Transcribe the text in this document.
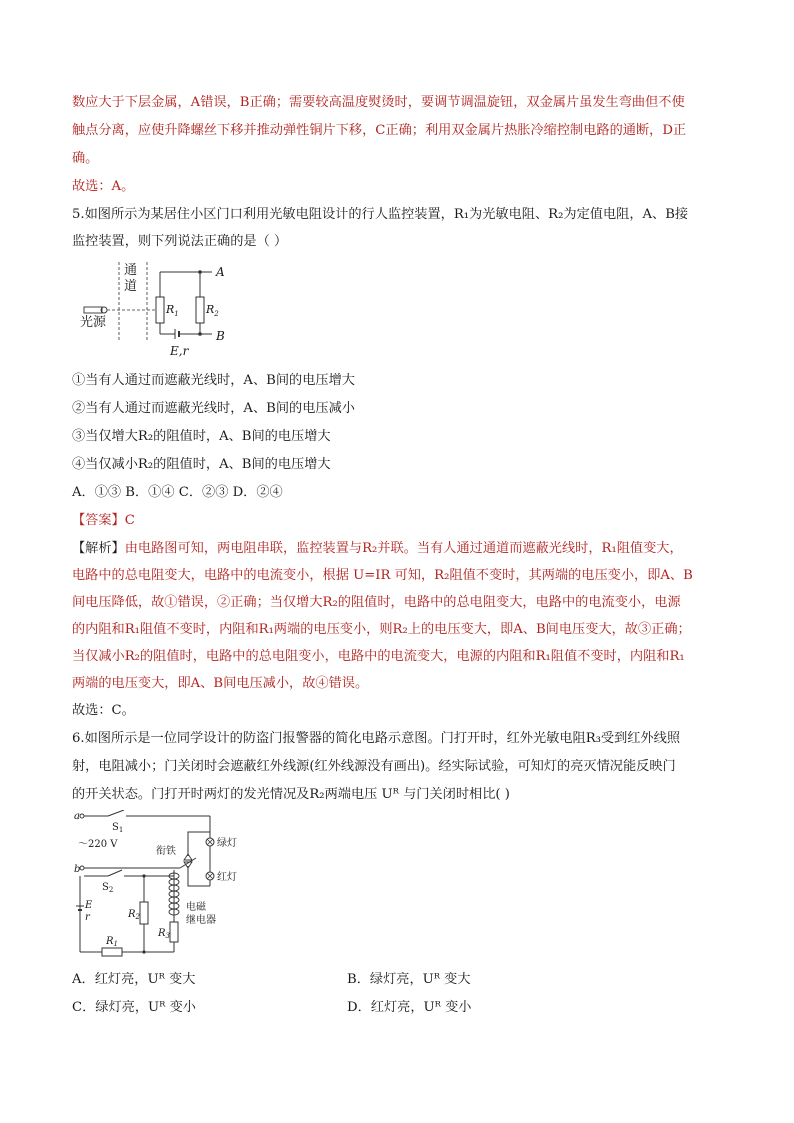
数应大于下层金属，A错误，B正确；需要较高温度熨烫时，要调节调温旋钮，双金属片虽发生弯曲但不使
触点分离，应使升降螺丝下移并推动弹性铜片下移，C正确；利用双金属片热胀冷缩控制电路的通断，D正
确。
故选：A。
5.如图所示为某居住小区门口利用光敏电阻设计的行人监控装置，R₁为光敏电阻、R₂为定值电阻，A、B接
监控装置，则下列说法正确的是（ ）
通
道
光源
A
B
$R_1$ $R_2$
E,r
①当有人通过而遮蔽光线时，A、B间的电压增大
②当有人通过而遮蔽光线时，A、B间的电压减小
③当仅增大R₂的阻值时，A、B间的电压增大
④当仅减小R₂的阻值时，A、B间的电压增大
A．①③ B．①④ C．②③ D．②④
【答案】C
【解析】由电路图可知，两电阻串联，监控装置与R₂并联。当有人通过通道而遮蔽光线时，R₁阻值变大，
电路中的总电阻变大，电路中的电流变小，根据 U=IR 可知，R₂阻值不变时，其两端的电压变小，即A、B
间电压降低，故①错误，②正确；当仅增大R₂的阻值时，电路中的总电阻变大，电路中的电流变小，电源
的内阻和R₁阻值不变时，内阻和R₁两端的电压变小，则R₂上的电压变大，即A、B间电压变大，故③正确；
当仅减小R₂的阻值时，电路中的总电阻变小，电路中的电流变大，电源的内阻和R₁阻值不变时，内阻和R₁
两端的电压变大，即A、B间电压减小，故④错误。
故选：C。
6.如图所示是一位同学设计的防盗门报警器的简化电路示意图。门打开时，红外光敏电阻R₃受到红外线照
射，电阻减小；门关闭时会遮蔽红外线源(红外线源没有画出)。经实际试验，可知灯的亮灭情况能反映门
的开关状态。门打开时两灯的发光情况及R₂两端电压 Uᴿ 与门关闭时相比( )
a
$S_1$
～220 V
b
绿灯
红灯
衔铁
电磁
继电器
$S_2$
E
r	$R_2$
$R_3$
$R_1$
A．红灯亮，Uᴿ 变大	B．绿灯亮，Uᴿ 变大
C．绿灯亮，Uᴿ 变小	D．红灯亮，Uᴿ 变小
